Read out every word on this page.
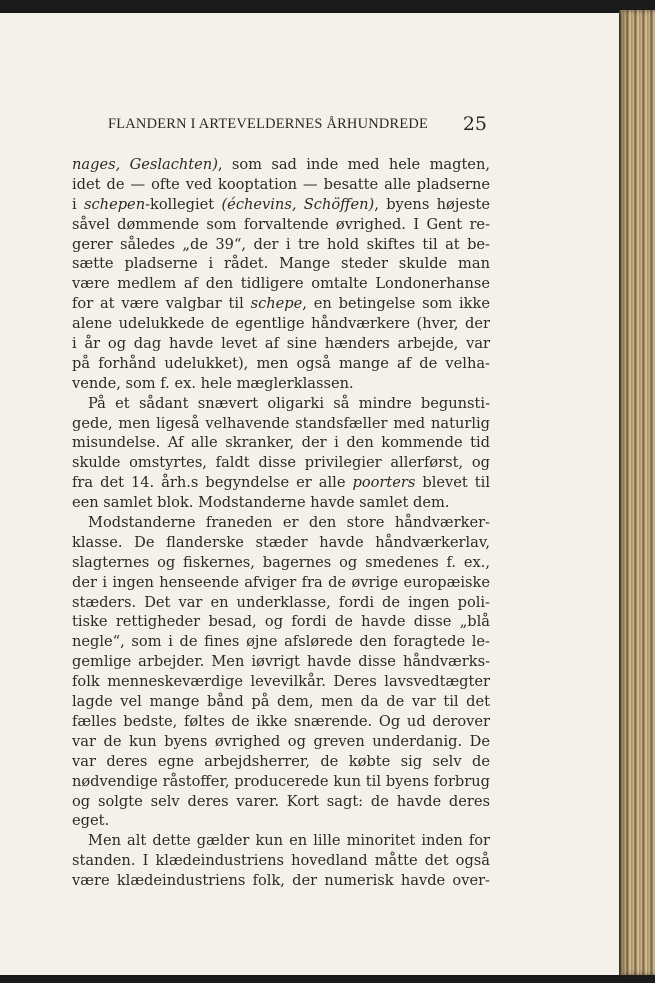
FLANDERN I ARTEVELDERNES ÅRHUNDREDE 25
nages, Geslachten), som sad inde med hele magten,
idet de — ofte ved kooptation — besatte alle pladserne
i schepen-kollegiet (échevins, Schöffen), byens højeste
såvel dømmende som forvaltende øvrighed. I Gent re-
gerer således „de 39“, der i tre hold skiftes til at be-
sætte pladserne i rådet. Mange steder skulde man
være medlem af den tidligere omtalte Londonerhanse
for at være valgbar til schepe, en betingelse som ikke
alene udelukkede de egentlige håndværkere (hver, der
i år og dag havde levet af sine hænders arbejde, var
på forhånd udelukket), men også mange af de velha-
vende, som f. ex. hele mæglerklassen.
På et sådant snævert oligarki så mindre begunsti-
gede, men ligeså velhavende standsfæller med naturlig
misundelse. Af alle skranker, der i den kommende tid
skulde omstyrtes, faldt disse privilegier allerførst, og
fra det 14. årh.s begyndelse er alle poorters blevet til
een samlet blok. Modstanderne havde samlet dem.
Modstanderne franeden er den store håndværker-
klasse. De flanderske stæder havde håndværkerlav,
slagternes og fiskernes, bagernes og smedenes f. ex.,
der i ingen henseende afviger fra de øvrige europæiske
stæders. Det var en underklasse, fordi de ingen poli-
tiske rettigheder besad, og fordi de havde disse „blå
negle“, som i de fines øjne afslørede den foragtede le-
gemlige arbejder. Men iøvrigt havde disse håndværks-
folk menneskeværdige levevilkår. Deres lavsvedtægter
lagde vel mange bånd på dem, men da de var til det
fælles bedste, føltes de ikke snærende. Og ud derover
var de kun byens øvrighed og greven underdanig. De
var deres egne arbejdsherrer, de købte sig selv de
nødvendige råstoffer, producerede kun til byens forbrug
og solgte selv deres varer. Kort sagt: de havde deres
eget.
Men alt dette gælder kun en lille minoritet inden for
standen. I klædeindustriens hovedland måtte det også
være klædeindustriens folk, der numerisk havde over-
